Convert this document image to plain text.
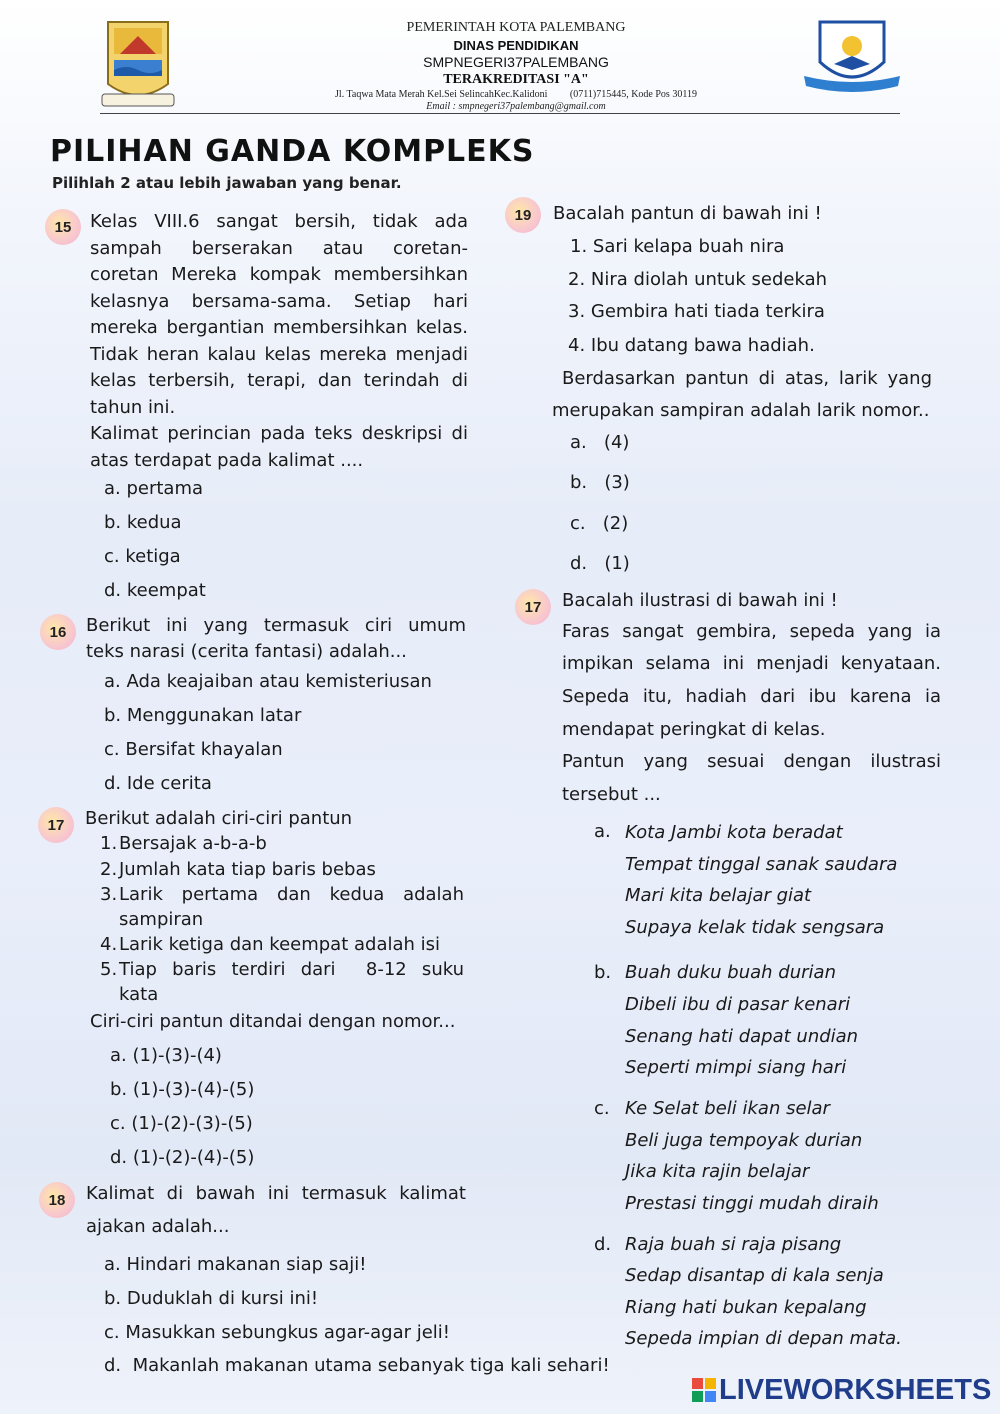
PEMERINTAH KOTA PALEMBANG
DINAS PENDIDIKAN
SMPNEGERI37PALEMBANG
TERAKREDITASI "A"
Jl. Taqwa Mata Merah Kel.Sei SelincahKec.Kalidoni         (0711)715445, Kode Pos 30119
Email : smpnegeri37palembang@gmail.com
PILIHAN GANDA KOMPLEKS
Pilihlah 2 atau lebih jawaban yang benar.
15	Kelas VIII.6 sangat bersih, tidak ada
sampah berserakan atau coretan-
coretan Mereka kompak membersihkan
kelasnya bersama-sama. Setiap hari
mereka bergantian membersihkan kelas.
Tidak heran kalau kelas mereka menjadi
kelas terbersih, terapi, dan terindah di
tahun ini.
Kalimat perincian pada teks deskripsi di
atas terdapat pada kalimat ....
a. pertama
b. kedua
c. ketiga
d. keempat
16	Berikut ini yang termasuk ciri umum
teks narasi (cerita fantasi) adalah...
a. Ada keajaiban atau kemisteriusan
b. Menggunakan latar
c. Bersifat khayalan
d. Ide cerita
17	Berikut adalah ciri-ciri pantun
1. Bersajak a-b-a-b
2. Jumlah kata tiap baris bebas
3. Larik pertama dan kedua adalah
sampiran
4. Larik ketiga dan keempat adalah isi
5. Tiap baris terdiri dari  8-12 suku
kata
Ciri-ciri pantun ditandai dengan nomor...
a. (1)-(3)-(4)
b. (1)-(3)-(4)-(5)
c. (1)-(2)-(3)-(5)
d. (1)-(2)-(4)-(5)
18	Kalimat di bawah ini termasuk kalimat
ajakan adalah...
a. Hindari makanan siap saji!
b. Duduklah di kursi ini!
c. Masukkan sebungkus agar-agar jeli!
d.  Makanlah makanan utama sebanyak tiga kali sehari!
19	Bacalah pantun di bawah ini !
1. Sari kelapa buah nira
2. Nira diolah untuk sedekah
3. Gembira hati tiada terkira
4. Ibu datang bawa hadiah.
Berdasarkan pantun di atas, larik yang
merupakan sampiran adalah larik nomor..
a.   (4)
b.   (3)
c.   (2)
d.   (1)
17	Bacalah ilustrasi di bawah ini !
Faras sangat gembira, sepeda yang ia
impikan selama ini menjadi kenyataan.
Sepeda itu, hadiah dari ibu karena ia
mendapat peringkat di kelas.
Pantun yang sesuai dengan ilustrasi
tersebut ...
a. Kota Jambi kota beradat
Tempat tinggal sanak saudara
Mari kita belajar giat
Supaya kelak tidak sengsara
b. Buah duku buah durian
Dibeli ibu di pasar kenari
Senang hati dapat undian
Seperti mimpi siang hari
c. Ke Selat beli ikan selar
Beli juga tempoyak durian
Jika kita rajin belajar
Prestasi tinggi mudah diraih
d. Raja buah si raja pisang
Sedap disantap di kala senja
Riang hati bukan kepalang
Sepeda impian di depan mata.
LIVEWORKSHEETS
